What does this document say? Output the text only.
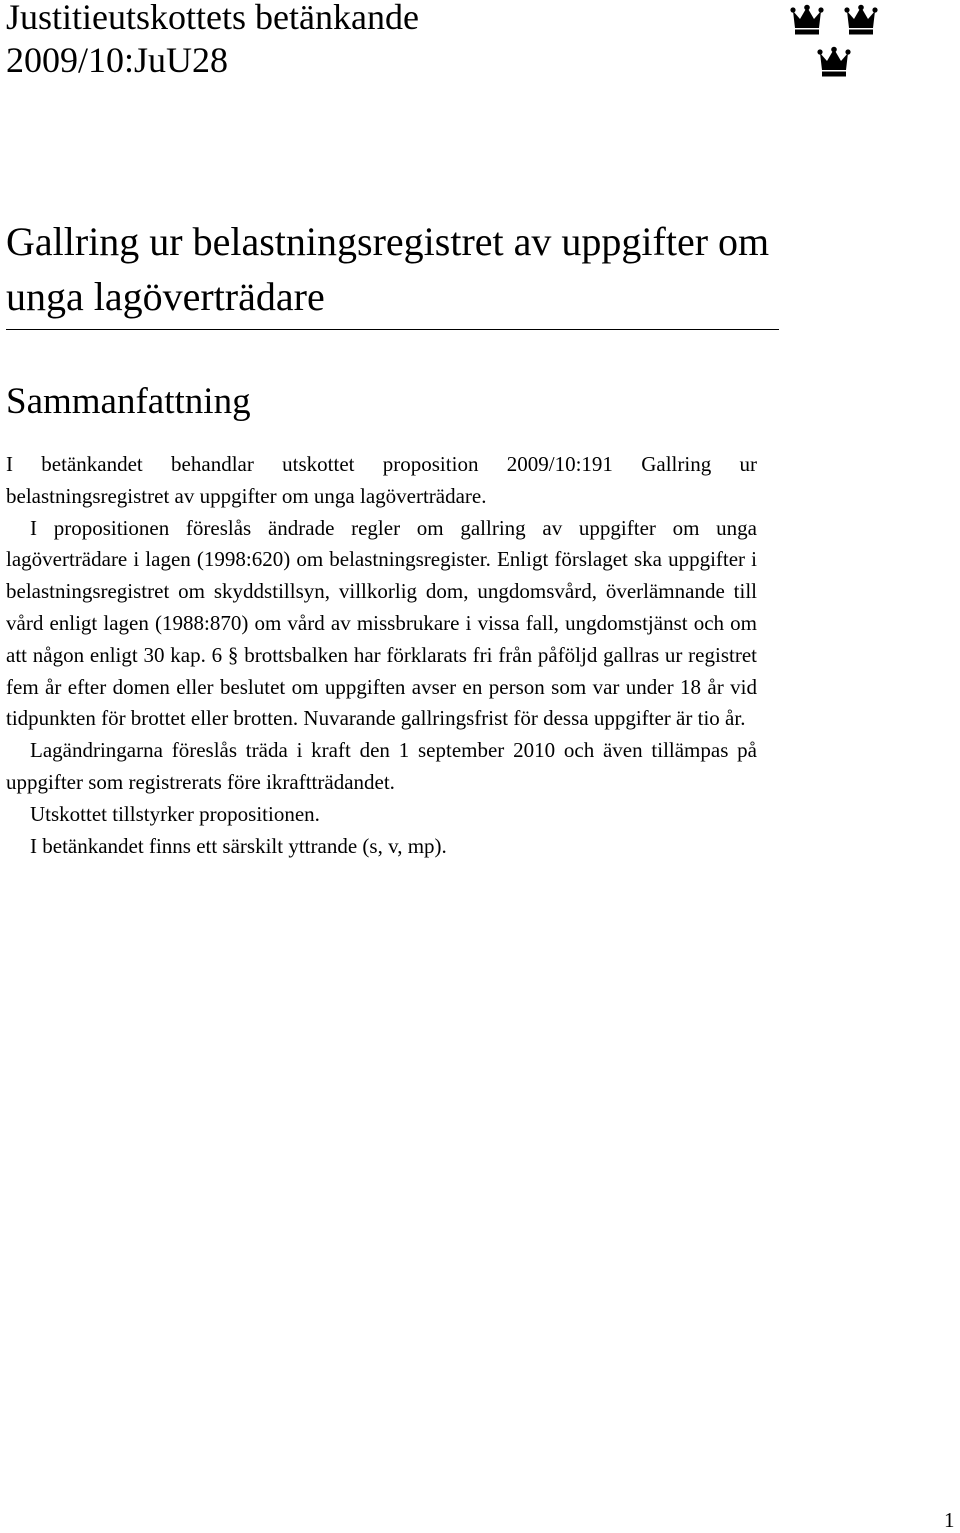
Justitieutskottets betänkande
2009/10:JuU28
Gallring ur belastningsregistret av uppgifter om unga lagöverträdare
Sammanfattning

I betänkandet behandlar utskottet proposition 2009/10:191 Gallring ur belastningsregistret av uppgifter om unga lagöverträdare.

I propositionen föreslås ändrade regler om gallring av uppgifter om unga lagöverträdare i lagen (1998:620) om belastningsregister. Enligt förslaget ska uppgifter i belastningsregistret om skyddstillsyn, villkorlig dom, ungdomsvård, överlämnande till vård enligt lagen (1988:870) om vård av missbrukare i vissa fall, ungdomstjänst och om att någon enligt 30 kap. 6 § brottsbalken har förklarats fri från påföljd gallras ur registret fem år efter domen eller beslutet om uppgiften avser en person som var under 18 år vid tidpunkten för brottet eller brotten. Nuvarande gallringsfrist för dessa uppgifter är tio år.

Lagändringarna föreslås träda i kraft den 1 september 2010 och även tillämpas på uppgifter som registrerats före ikraftträdandet.

Utskottet tillstyrker propositionen.

I betänkandet finns ett särskilt yttrande (s, v, mp).

1
